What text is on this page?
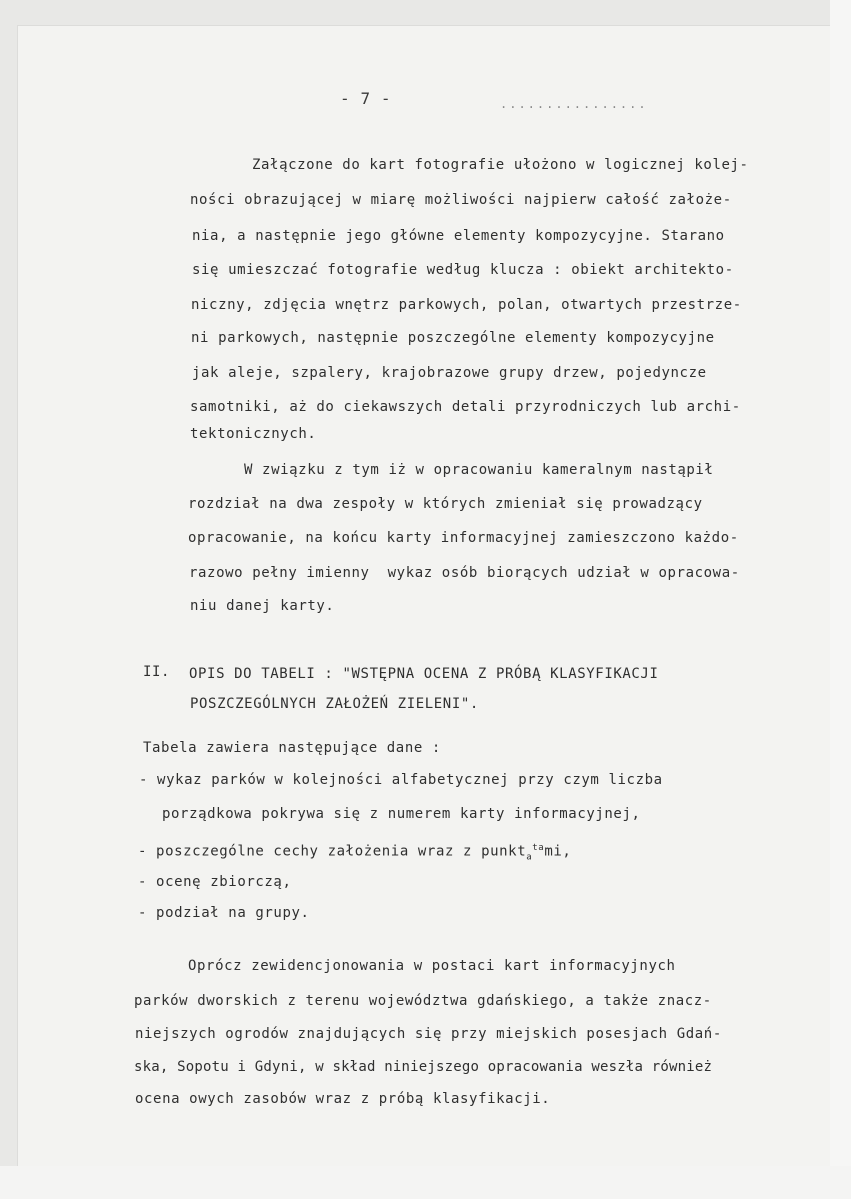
- 7 -	................
Załączone do kart fotografie ułożono w logicznej kolej-
ności obrazującej w miarę możliwości najpierw całość założe-
nia, a następnie jego główne elementy kompozycyjne. Starano
się umieszczać fotografie według klucza : obiekt architekto-
niczny, zdjęcia wnętrz parkowych, polan, otwartych przestrze-
ni parkowych, następnie poszczególne elementy kompozycyjne
jak aleje, szpalery, krajobrazowe grupy drzew, pojedyncze
samotniki, aż do ciekawszych detali przyrodniczych lub archi-
tektonicznych.
W związku z tym iż w opracowaniu kameralnym nastąpił
rozdział na dwa zespoły w których zmieniał się prowadzący
opracowanie, na końcu karty informacyjnej zamieszczono każdo-
razowo pełny imienny  wykaz osób biorących udział w opracowa-
niu danej karty.
II. OPIS DO TABELI : "WSTĘPNA OCENA Z PRÓBĄ KLASYFIKACJI
POSZCZEGÓLNYCH ZAŁOŻEŃ ZIELENI".
Tabela zawiera następujące dane :
- wykaz parków w kolejności alfabetycznej przy czym liczba
porządkowa pokrywa się z numerem karty informacyjnej,
- poszczególne cechy założenia wraz z punkt$_a^{ta}$mi,
- ocenę zbiorczą,
- podział na grupy.
Oprócz zewidencjonowania w postaci kart informacyjnych
parków dworskich z terenu województwa gdańskiego, a także znacz-
niejszych ogrodów znajdujących się przy miejskich posesjach Gdań-
ska, Sopotu i Gdyni, w skład niniejszego opracowania weszła również
ocena owych zasobów wraz z próbą klasyfikacji.
